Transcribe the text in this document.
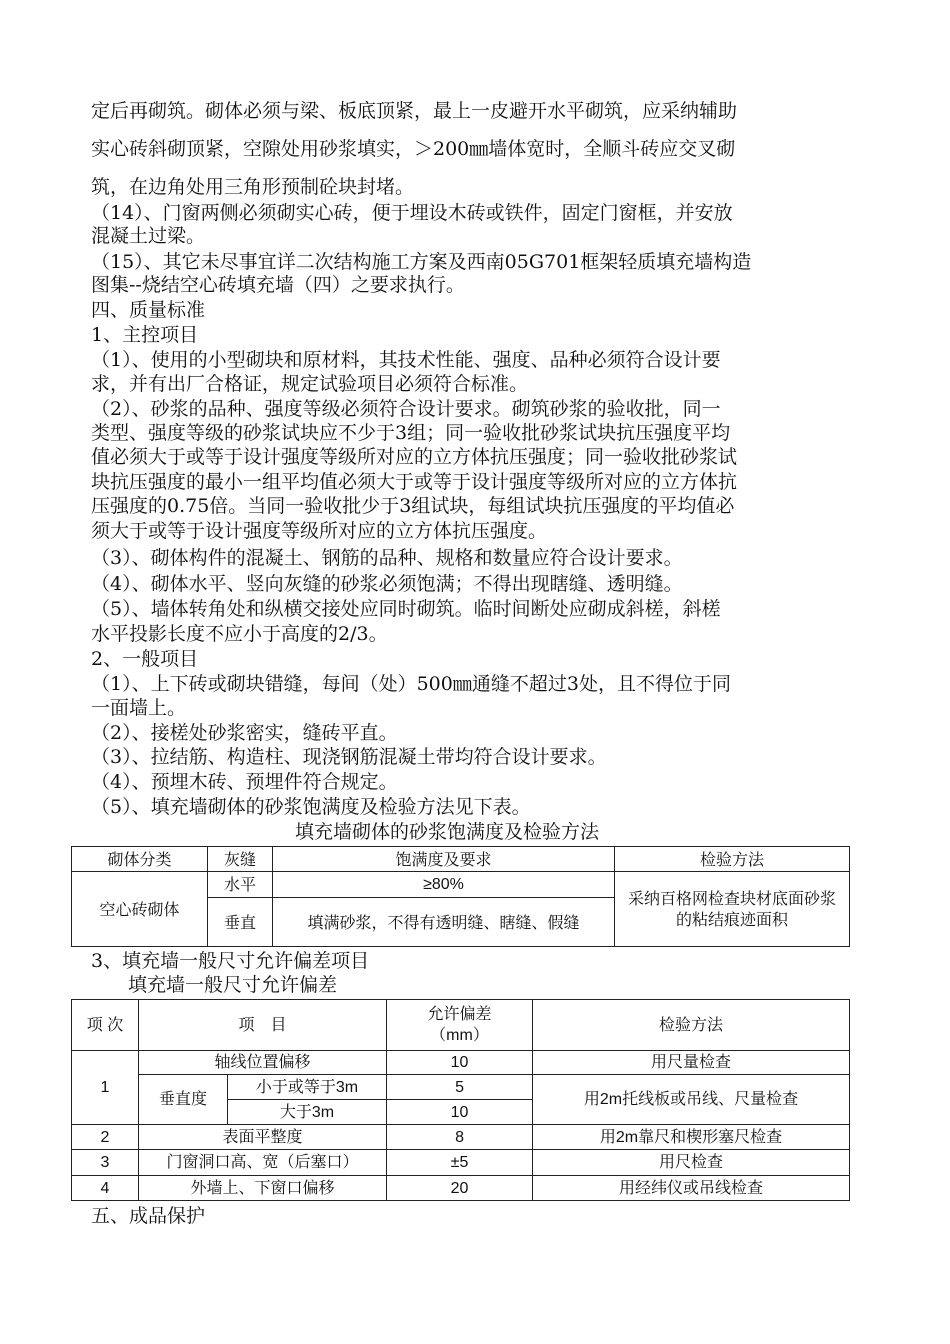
定后再砌筑。砌体必须与梁、板底顶紧，最上一皮避开水平砌筑，应采纳辅助
实心砖斜砌顶紧，空隙处用砂浆填实，＞200㎜墙体宽时，全顺斗砖应交叉砌
筑，在边角处用三角形预制砼块封堵。
（14）、门窗两侧必须砌实心砖，便于埋设木砖或铁件，固定门窗框，并安放
混凝土过梁。
（15）、其它未尽事宜详二次结构施工方案及西南05G701框架轻质填充墙构造
图集--烧结空心砖填充墙（四）之要求执行。
四、质量标准
1、主控项目
（1）、使用的小型砌块和原材料，其技术性能、强度、品种必须符合设计要
求，并有出厂合格证，规定试验项目必须符合标准。
（2）、砂浆的品种、强度等级必须符合设计要求。砌筑砂浆的验收批，同一
类型、强度等级的砂浆试块应不少于3组；同一验收批砂浆试块抗压强度平均
值必须大于或等于设计强度等级所对应的立方体抗压强度；同一验收批砂浆试
块抗压强度的最小一组平均值必须大于或等于设计强度等级所对应的立方体抗
压强度的0.75倍。当同一验收批少于3组试块，每组试块抗压强度的平均值必
须大于或等于设计强度等级所对应的立方体抗压强度。
（3）、砌体构件的混凝土、钢筋的品种、规格和数量应符合设计要求。
（4）、砌体水平、竖向灰缝的砂浆必须饱满；不得出现瞎缝、透明缝。
（5）、墙体转角处和纵横交接处应同时砌筑。临时间断处应砌成斜槎，斜槎
水平投影长度不应小于高度的2/3。
2、一般项目
（1）、上下砖或砌块错缝，每间（处）500㎜通缝不超过3处，且不得位于同
一面墙上。
（2）、接槎处砂浆密实，缝砖平直。
（3）、拉结筋、构造柱、现浇钢筋混凝土带均符合设计要求。
（4）、预埋木砖、预埋件符合规定。
（5）、填充墙砌体的砂浆饱满度及检验方法见下表。
填充墙砌体的砂浆饱满度及检验方法
砌体分类	灰缝	饱满度及要求	检验方法
空心砖砌体	水平	≥80%	采纳百格网检查块材底面砂浆的粘结痕迹面积
	垂直	填满砂浆，不得有透明缝、瞎缝、假缝	
3、填充墙一般尺寸允许偏差项目
填充墙一般尺寸允许偏差
项 次	项　目		允许偏差（mm）	检验方法
1	轴线位置偏移		10	用尺量检查
	垂直度	小于或等于3m	5	用2m托线板或吊线、尺量检查
		大于3m	10	
2	表面平整度		8	用2m靠尺和楔形塞尺检查
3	门窗洞口高、宽（后塞口）		±5	用尺检查
4	外墙上、下窗口偏移		20	用经纬仪或吊线检查
五、成品保护
